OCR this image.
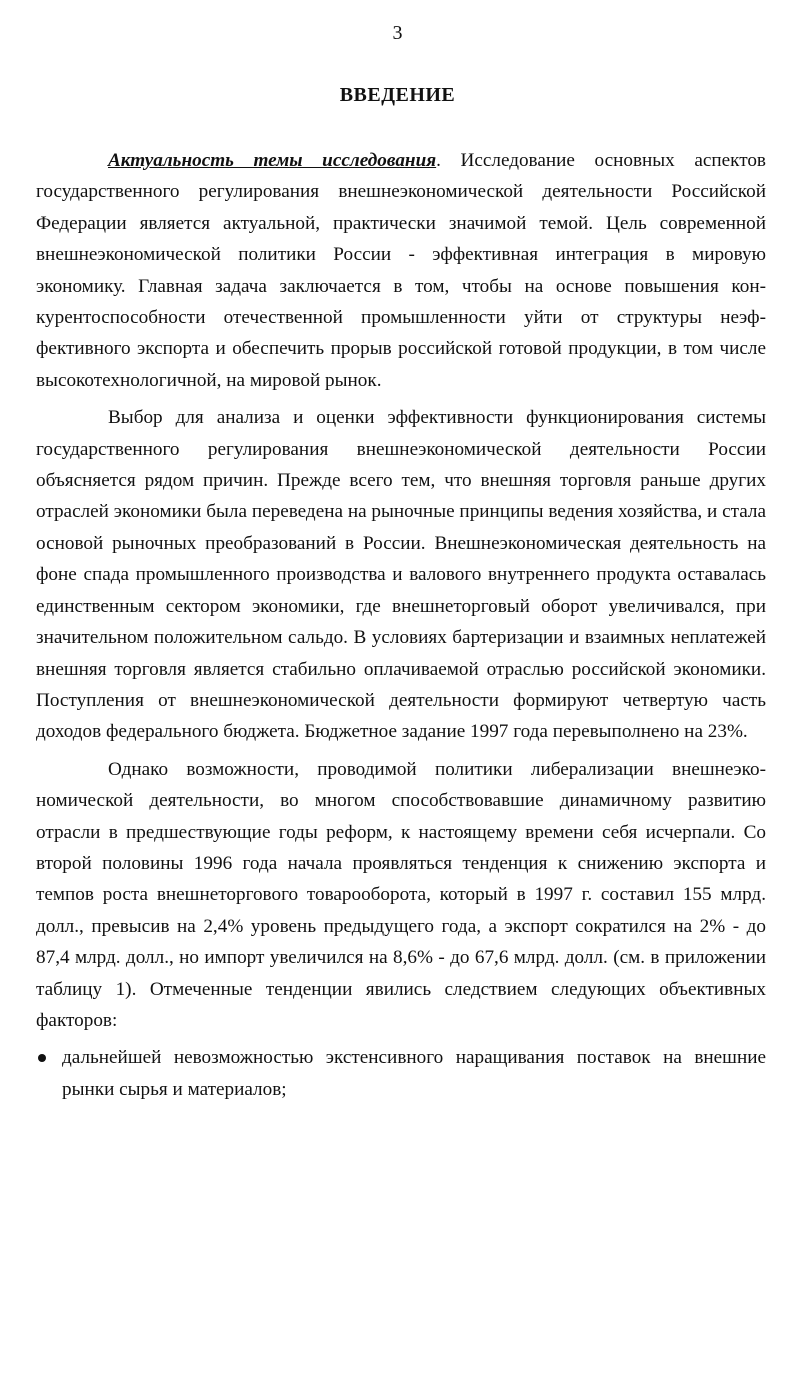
3
ВВЕДЕНИЕ

Актуальность темы исследования. Исследование основных аспектов государственного регулирования внешнеэкономической деятельности Российской Федерации является актуальной, практически значимой темой. Цель современной внешнеэкономической политики России - эффективная интеграция в мировую экономику. Главная задача заключается в том, чтобы на основе повышения конкурентоспособности отечественной промышленности уйти от структуры неэффективного экспорта и обеспечить прорыв российской готовой продукции, в том числе высокотехнологичной, на мировой рынок.

Выбор для анализа и оценки эффективности функционирования системы государственного регулирования внешнеэкономической деятельности России объясняется рядом причин. Прежде всего тем, что внешняя торговля раньше других отраслей экономики была переведена на рыночные принципы ведения хозяйства, и стала основой рыночных преобразований в России. Внешнеэкономическая деятельность на фоне спада промышленного производства и валового внутреннего продукта оставалась единственным сектором экономики, где внешнеторговый оборот увеличивался, при значительном положительном сальдо. В условиях бартеризации и взаимных неплатежей внешняя торговля является стабильно оплачиваемой отраслью российской экономики. Поступления от внешнеэкономической деятельности формируют четвертую часть доходов федерального бюджета. Бюджетное задание 1997 года перевыполнено на 23%.

Однако возможности, проводимой политики либерализации внешнеэкономической деятельности, во многом способствовавшие динамичному развитию отрасли в предшествующие годы реформ, к настоящему времени себя исчерпали. Со второй половины 1996 года начала проявляться тенденция к снижению экспорта и темпов роста внешнеторгового товарооборота, который в 1997 г. составил 155 млрд. долл., превысив на 2,4% уровень предыдущего года, а экспорт сократился на 2% - до 87,4 млрд. долл., но импорт увеличился на 8,6% - до 67,6 млрд. долл. (см. в приложении таблицу 1). Отмеченные тенденции явились следствием следующих объективных факторов:

дальнейшей невозможностью экстенсивного наращивания поставок на внешние рынки сырья и материалов;
